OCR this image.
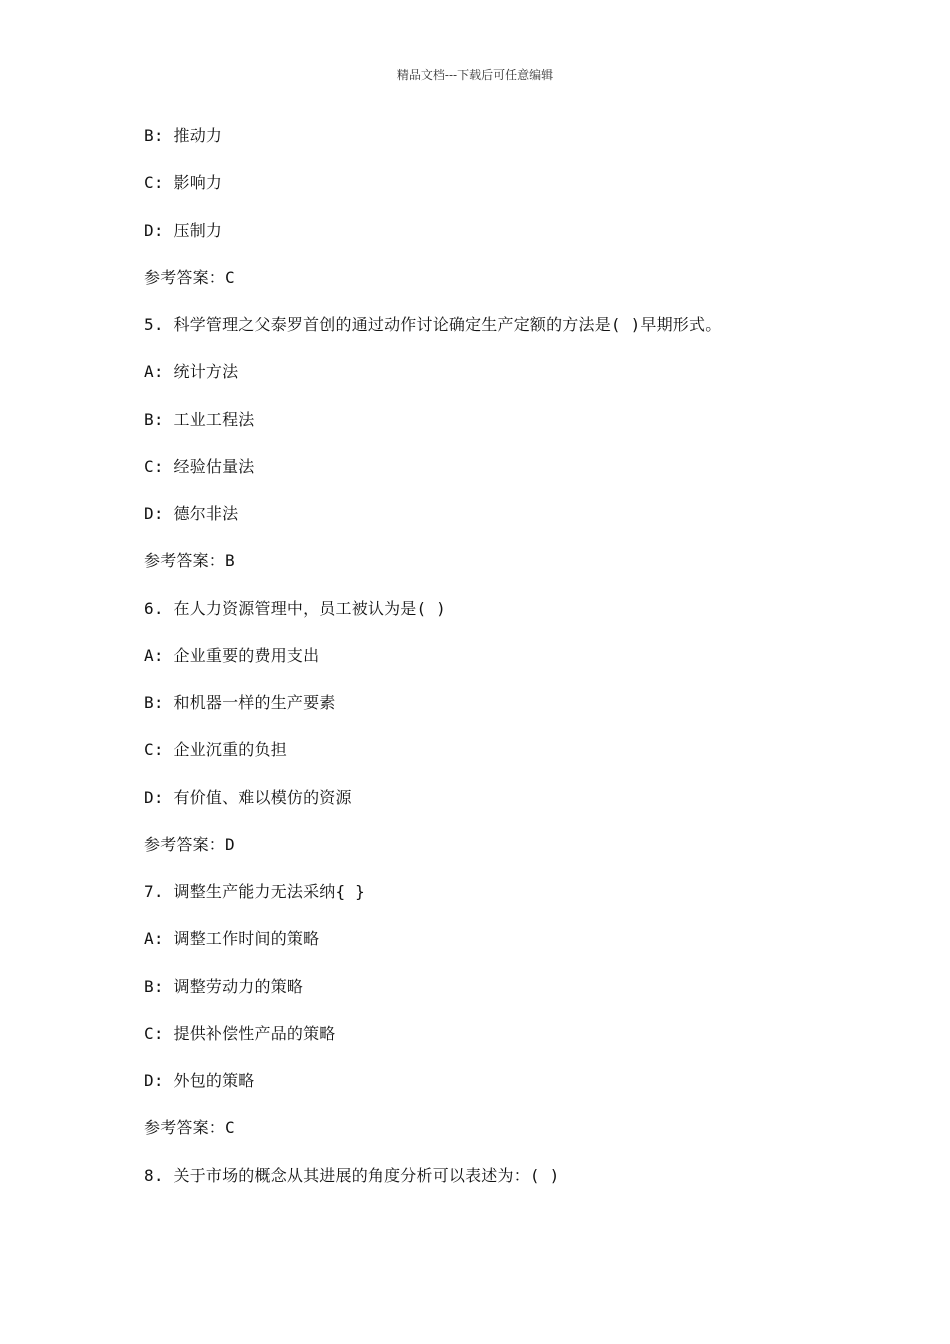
精品文档---下载后可任意编辑
B: 推动力
C: 影响力
D: 压制力
参考答案：C
5. 科学管理之父泰罗首创的通过动作讨论确定生产定额的方法是( )早期形式。
A: 统计方法
B: 工业工程法
C: 经验估量法
D: 德尔非法
参考答案：B
6. 在人力资源管理中，员工被认为是( )
A: 企业重要的费用支出
B: 和机器一样的生产要素
C: 企业沉重的负担
D: 有价值、难以模仿的资源
参考答案：D
7. 调整生产能力无法采纳{ }
A: 调整工作时间的策略
B: 调整劳动力的策略
C: 提供补偿性产品的策略
D: 外包的策略
参考答案：C
8. 关于市场的概念从其进展的角度分析可以表述为：( )
